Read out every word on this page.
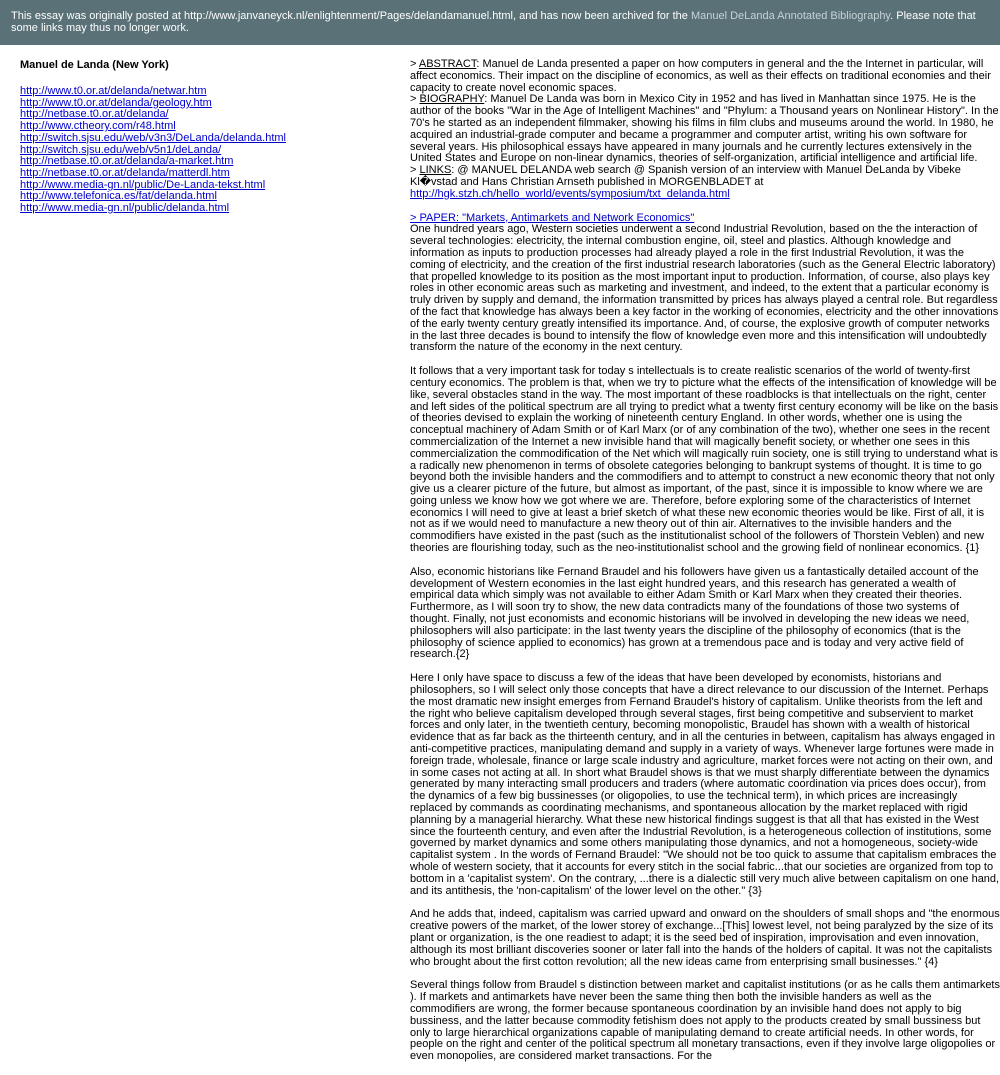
This essay was originally posted at http://www.janvaneyck.nl/enlightenment/Pages/delandamanuel.html, and has now been archived for the Manuel DeLanda Annotated Bibliography. Please note that some links may thus no longer work.
Manuel de Landa (New York)
http://www.t0.or.at/delanda/netwar.htm
http://www.t0.or.at/delanda/geology.htm
http://netbase.t0.or.at/delanda/
http://www.ctheory.com/r48.html
http://switch.sjsu.edu/web/v3n3/DeLanda/delanda.html
http://switch.sjsu.edu/web/v5n1/deLanda/
http://netbase.t0.or.at/delanda/a-market.htm
http://netbase.t0.or.at/delanda/matterdl.htm
http://www.media-gn.nl/public/De-Landa-tekst.html
http://www.telefonica.es/fat/delanda.html
http://www.media-gn.nl/public/delanda.html
> ABSTRACT: Manuel de Landa presented a paper on how computers in general and the the Internet in particular, will affect economics. Their impact on the discipline of economics, as well as their effects on traditional economies and their capacity to create novel economic spaces.
> BIOGRAPHY: Manuel De Landa was born in Mexico City in 1952 and has lived in Manhattan since 1975. He is the author of the books "War in the Age of Intelligent Machines" and "Phylum: a Thousand years on Nonlinear History". In the 70's he started as an independent filmmaker, showing his films in film clubs and museums around the world. In 1980, he acquired an industrial-grade computer and became a programmer and computer artist, writing his own software for several years. His philosophical essays have appeared in many journals and he currently lectures extensively in the United States and Europe on non-linear dynamics, theories of self-organization, artificial intelligence and artificial life.
> LINKS: @ MANUEL DELANDA web search @ Spanish version of an interview with Manuel DeLanda by Vibeke Kl�vstad and Hans Christian Arnseth published in MORGENBLADET at
http://hgk.stzh.ch/hello_world/events/symposium/txt_delanda.html
> PAPER: "Markets, Antimarkets and Network Economics"

One hundred years ago, Western societies underwent a second Industrial Revolution, based on the the interaction of several technologies: electricity, the internal combustion engine, oil, steel and plastics. Although knowledge and information as inputs to production processes had already played a role in the first Industrial Revolution, it was the coming of electricity, and the creation of the first industrial research laboratories (such as the General Electric laboratory) that propelled knowledge to its position as the most important input to production. Information, of course, also plays key roles in other economic areas such as marketing and investment, and indeed, to the extent that a particular economy is truly driven by supply and demand, the information transmitted by prices has always played a central role. But regardless of the fact that knowledge has always been a key factor in the working of economies, electricity and the other innovations of the early twenty century greatly intensified its importance. And, of course, the explosive growth of computer networks in the last three decades is bound to intensify the flow of knowledge even more and this intensification will undoubtedly transform the nature of the economy in the next century.

It follows that a very important task for today s intellectuals is to create realistic scenarios of the world of twenty-first century economics. The problem is that, when we try to picture what the effects of the intensification of knowledge will be like, several obstacles stand in the way. The most important of these roadblocks is that intellectuals on the right, center and left sides of the political spectrum are all trying to predict what a twenty first century economy will be like on the basis of theories devised to explain the working of nineteenth century England. In other words, whether one is using the conceptual machinery of Adam Smith or of Karl Marx (or of any combination of the two), whether one sees in the recent commercialization of the Internet a new invisible hand that will magically benefit society, or whether one sees in this commercialization the commodification of the Net which will magically ruin society, one is still trying to understand what is a radically new phenomenon in terms of obsolete categories belonging to bankrupt systems of thought. It is time to go beyond both the invisible handers and the commodifiers and to attempt to construct a new economic theory that not only give us a clearer picture of the future, but almost as important, of the past, since it is impossible to know where we are going unless we know how we got where we are. Therefore, before exploring some of the characteristics of Internet economics I will need to give at least a brief sketch of what these new economic theories would be like. First of all, it is not as if we would need to manufacture a new theory out of thin air. Alternatives to the invisible handers and the commodifiers have existed in the past (such as the institutionalist school of the followers of Thorstein Veblen) and new theories are flourishing today, such as the neo-institutionalist school and the growing field of nonlinear economics. {1}

Also, economic historians like Fernand Braudel and his followers have given us a fantastically detailed account of the development of Western economies in the last eight hundred years, and this research has generated a wealth of empirical data which simply was not available to either Adam Smith or Karl Marx when they created their theories. Furthermore, as I will soon try to show, the new data contradicts many of the foundations of those two systems of thought. Finally, not just economists and economic historians will be involved in developing the new ideas we need, philosophers will also participate: in the last twenty years the discipline of the philosophy of economics (that is the philosophy of science applied to economics) has grown at a tremendous pace and is today and very active field of research.{2}

Here I only have space to discuss a few of the ideas that have been developed by economists, historians and philosophers, so I will select only those concepts that have a direct relevance to our discussion of the Internet. Perhaps the most dramatic new insight emerges from Fernand Braudel's history of capitalism. Unlike theorists from the left and the right who believe capitalism developed through several stages, first being competitive and subservient to market forces and only later, in the twentieth century, becoming monopolistic, Braudel has shown with a wealth of historical evidence that as far back as the thirteenth century, and in all the centuries in between, capitalism has always engaged in anti-competitive practices, manipulating demand and supply in a variety of ways. Whenever large fortunes were made in foreign trade, wholesale, finance or large scale industry and agriculture, market forces were not acting on their own, and in some cases not acting at all. In short what Braudel shows is that we must sharply differentiate between the dynamics generated by many interacting small producers and traders (where automatic coordination via prices does occur), from the dynamics of a few big bussinesses (or oligopolies, to use the technical term), in which prices are increasingly replaced by commands as coordinating mechanisms, and spontaneous allocation by the market replaced with rigid planning by a managerial hierarchy. What these new historical findings suggest is that all that has existed in the West since the fourteenth century, and even after the Industrial Revolution, is a heterogeneous collection of institutions, some governed by market dynamics and some others manipulating those dynamics, and not a homogeneous, society-wide capitalist system . In the words of Fernand Braudel: "We should not be too quick to assume that capitalism embraces the whole of western society, that it accounts for every stitch in the social fabric...that our societies are organized from top to bottom in a 'capitalist system'. On the contrary, ...there is a dialectic still very much alive between capitalism on one hand, and its antithesis, the 'non-capitalism' of the lower level on the other." {3}

And he adds that, indeed, capitalism was carried upward and onward on the shoulders of small shops and "the enormous creative powers of the market, of the lower storey of exchange...[This] lowest level, not being paralyzed by the size of its plant or organization, is the one readiest to adapt; it is the seed bed of inspiration, improvisation and even innovation, although its most brilliant discoveries sooner or later fall into the hands of the holders of capital. It was not the capitalists who brought about the first cotton revolution; all the new ideas came from enterprising small businesses." {4}

Several things follow from Braudel s distinction between market and capitalist institutions (or as he calls them antimarkets ). If markets and antimarkets have never been the same thing then both the invisible handers as well as the commodifiers are wrong, the former because spontaneous coordination by an invisible hand does not apply to big bussiness, and the latter because commodity fetishism does not apply to the products created by small bussiness but only to large hierarchical organizations capable of manipulating demand to create artificial needs. In other words, for people on the right and center of the political spectrum all monetary transactions, even if they involve large oligopolies or even monopolies, are considered market transactions. For the
